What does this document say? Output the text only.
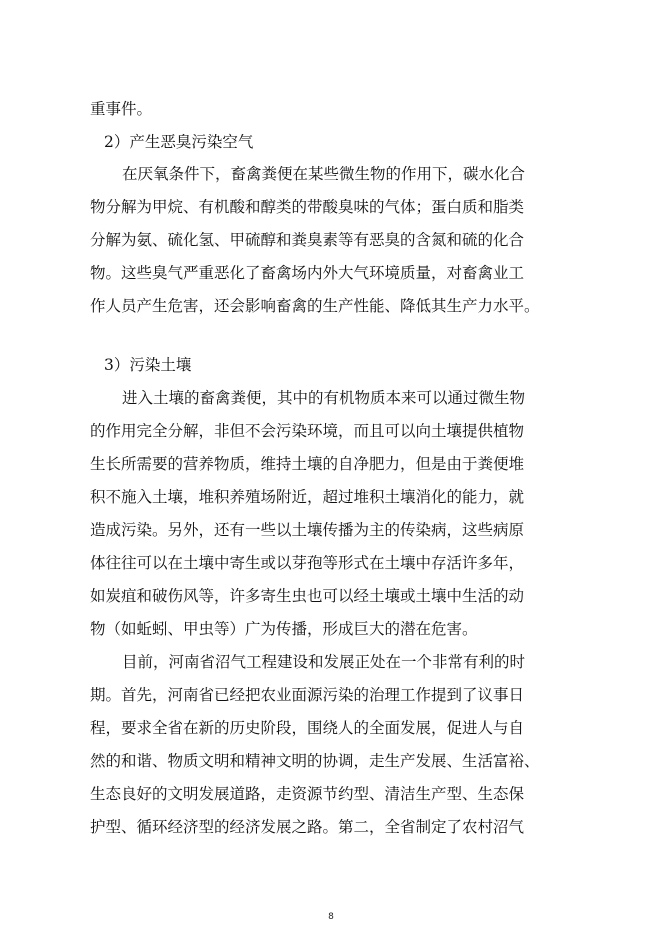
重事件。
2）产生恶臭污染空气
在厌氧条件下，畜禽粪便在某些微生物的作用下，碳水化合
物分解为甲烷、有机酸和醇类的带酸臭味的气体；蛋白质和脂类
分解为氨、硫化氢、甲硫醇和粪臭素等有恶臭的含氮和硫的化合
物。这些臭气严重恶化了畜禽场内外大气环境质量，对畜禽业工
作人员产生危害，还会影响畜禽的生产性能、降低其生产力水平。
3）污染土壤
进入土壤的畜禽粪便，其中的有机物质本来可以通过微生物
的作用完全分解，非但不会污染环境，而且可以向土壤提供植物
生长所需要的营养物质，维持土壤的自净肥力，但是由于粪便堆
积不施入土壤，堆积养殖场附近，超过堆积土壤消化的能力，就
造成污染。另外，还有一些以土壤传播为主的传染病，这些病原
体往往可以在土壤中寄生或以芽孢等形式在土壤中存活许多年，
如炭疽和破伤风等，许多寄生虫也可以经土壤或土壤中生活的动
物（如蚯蚓、甲虫等）广为传播，形成巨大的潜在危害。
目前，河南省沼气工程建设和发展正处在一个非常有利的时
期。首先，河南省已经把农业面源污染的治理工作提到了议事日
程，要求全省在新的历史阶段，围绕人的全面发展，促进人与自
然的和谐、物质文明和精神文明的协调，走生产发展、生活富裕、
生态良好的文明发展道路，走资源节约型、清洁生产型、生态保
护型、循环经济型的经济发展之路。第二，全省制定了农村沼气
8
